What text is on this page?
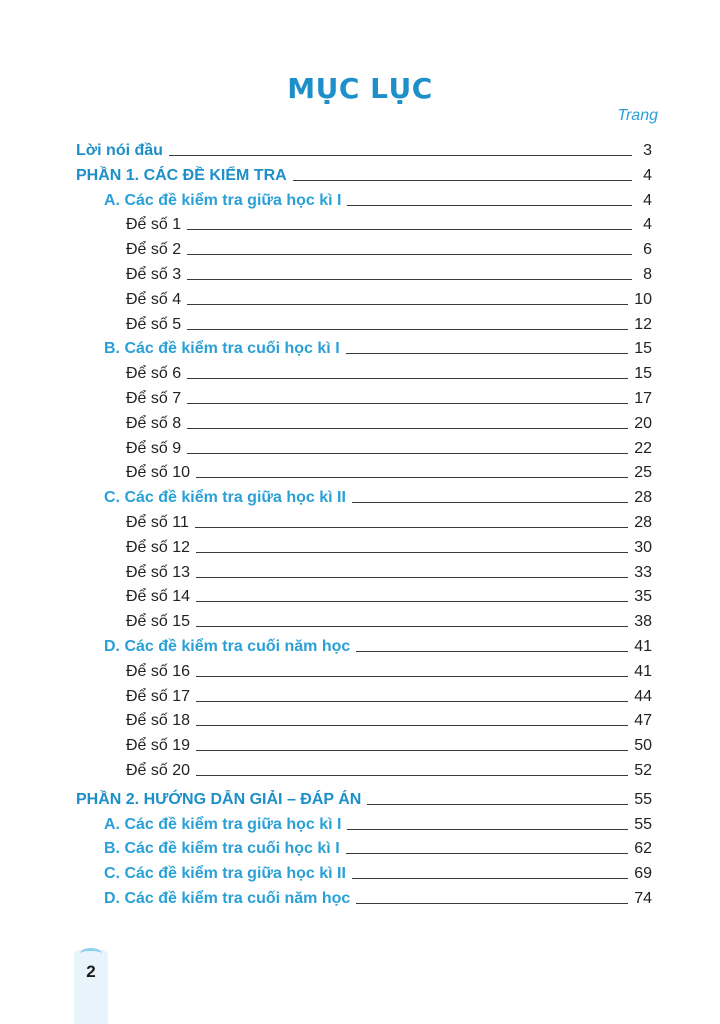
MỤC LỤC
Trang
Lời nói đầu	3
PHẦN 1. CÁC ĐỀ KIỂM TRA	4
A. Các đề kiểm tra giữa học kì I	4
Để số 1	4
Để số 2	6
Để số 3	8
Để số 4	10
Để số 5	12
B. Các đề kiểm tra cuối học kì I	15
Để số 6	15
Để số 7	17
Để số 8	20
Để số 9	22
Để số 10	25
C. Các đề kiểm tra giữa học kì II	28
Để số 11	28
Để số 12	30
Để số 13	33
Để số 14	35
Để số 15	38
D. Các đề kiểm tra cuối năm học	41
Để số 16	41
Để số 17	44
Để số 18	47
Để số 19	50
Để số 20	52
PHẦN 2. HƯỚNG DẪN GIẢI – ĐÁP ÁN	55
A. Các đề kiểm tra giữa học kì I	55
B. Các đề kiểm tra cuối học kì I	62
C. Các đề kiểm tra giữa học kì II	69
D. Các đề kiểm tra cuối năm học	74
2
